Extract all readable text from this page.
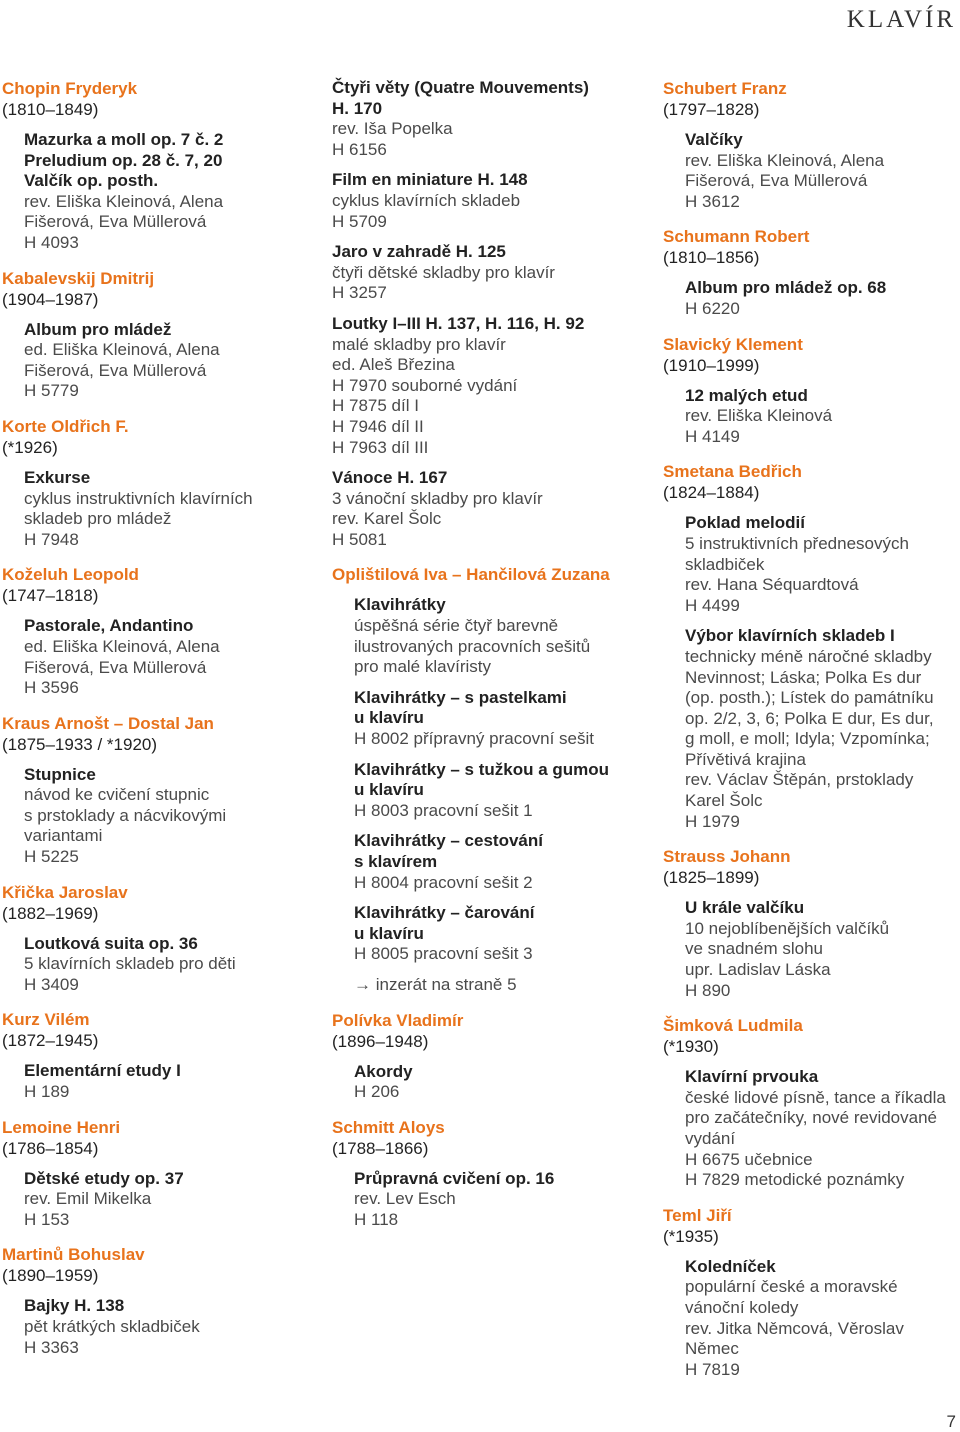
KLAVÍR
Chopin Fryderyk
(1810–1849)
Mazurka a moll op. 7 č. 2
Preludium op. 28 č. 7, 20
Valčík op. posth.
rev. Eliška Kleinová, Alena
Fišerová, Eva Müllerová
H 4093
Kabalevskij Dmitrij
(1904–1987)
Album pro mládež
ed. Eliška Kleinová, Alena
Fišerová, Eva Müllerová
H 5779
Korte Oldřich F.
(*1926)
Exkurse
cyklus instruktivních klavírních
skladeb pro mládež
H 7948
Koželuh Leopold
(1747–1818)
Pastorale, Andantino
ed. Eliška Kleinová, Alena
Fišerová, Eva Müllerová
H 3596
Kraus Arnošt – Dostal Jan
(1875–1933 / *1920)
Stupnice
návod ke cvičení stupnic
s prstoklady a nácvikovými
variantami
H 5225
Křička Jaroslav
(1882–1969)
Loutková suita op. 36
5 klavírních skladeb pro děti
H 3409
Kurz Vilém
(1872–1945)
Elementární etudy I
H 189
Lemoine Henri
(1786–1854)
Dětské etudy op. 37
rev. Emil Mikelka
H 153
Martinů Bohuslav
(1890–1959)
Bajky H. 138
pět krátkých skladbiček
H 3363
Čtyři věty (Quatre Mouvements)
H. 170
rev. Iša Popelka
H 6156
Film en miniature H. 148
cyklus klavírních skladeb
H 5709
Jaro v zahradě H. 125
čtyři dětské skladby pro klavír
H 3257
Loutky I–III H. 137, H. 116, H. 92
malé skladby pro klavír
ed. Aleš Březina
H 7970 souborné vydání
H 7875 díl I
H 7946 díl II
H 7963 díl III
Vánoce H. 167
3 vánoční skladby pro klavír
rev. Karel Šolc
H 5081
Oplištilová Iva – Hančilová Zuzana
Klavihrátky
úspěšná série čtyř barevně
ilustrovaných pracovních sešitů
pro malé klavíristy
Klavihrátky – s pastelkami
u klavíru
H 8002 přípravný pracovní sešit
Klavihrátky – s tužkou a gumou
u klavíru
H 8003 pracovní sešit 1
Klavihrátky – cestování
s klavírem
H 8004 pracovní sešit 2
Klavihrátky – čarování
u klavíru
H 8005 pracovní sešit 3
→ inzerát na straně 5
Polívka Vladimír
(1896–1948)
Akordy
H 206
Schmitt Aloys
(1788–1866)
Průpravná cvičení op. 16
rev. Lev Esch
H 118
Schubert Franz
(1797–1828)
Valčíky
rev. Eliška Kleinová, Alena
Fišerová, Eva Müllerová
H 3612
Schumann Robert
(1810–1856)
Album pro mládež op. 68
H 6220
Slavický Klement
(1910–1999)
12 malých etud
rev. Eliška Kleinová
H 4149
Smetana Bedřich
(1824–1884)
Poklad melodií
5 instruktivních přednesových
skladbiček
rev. Hana Séquardtová
H 4499
Výbor klavírních skladeb I
technicky méně náročné skladby
Nevinnost; Láska; Polka Es dur
(op. posth.); Lístek do památníku
op. 2/2, 3, 6; Polka E dur, Es dur,
g moll, e moll; Idyla; Vzpomínka;
Přívětivá krajina
rev. Václav Štěpán, prstoklady
Karel Šolc
H 1979
Strauss Johann
(1825–1899)
U krále valčíku
10 nejoblíbenějších valčíků
ve snadném slohu
upr. Ladislav Láska
H 890
Šimková Ludmila
(*1930)
Klavírní prvouka
české lidové písně, tance a říkadla
pro začátečníky, nové revidované
vydání
H 6675 učebnice
H 7829 metodické poznámky
Teml Jiří
(*1935)
Koledníček
populární české a moravské
vánoční koledy
rev. Jitka Němcová, Věroslav
Němec
H 7819
7
